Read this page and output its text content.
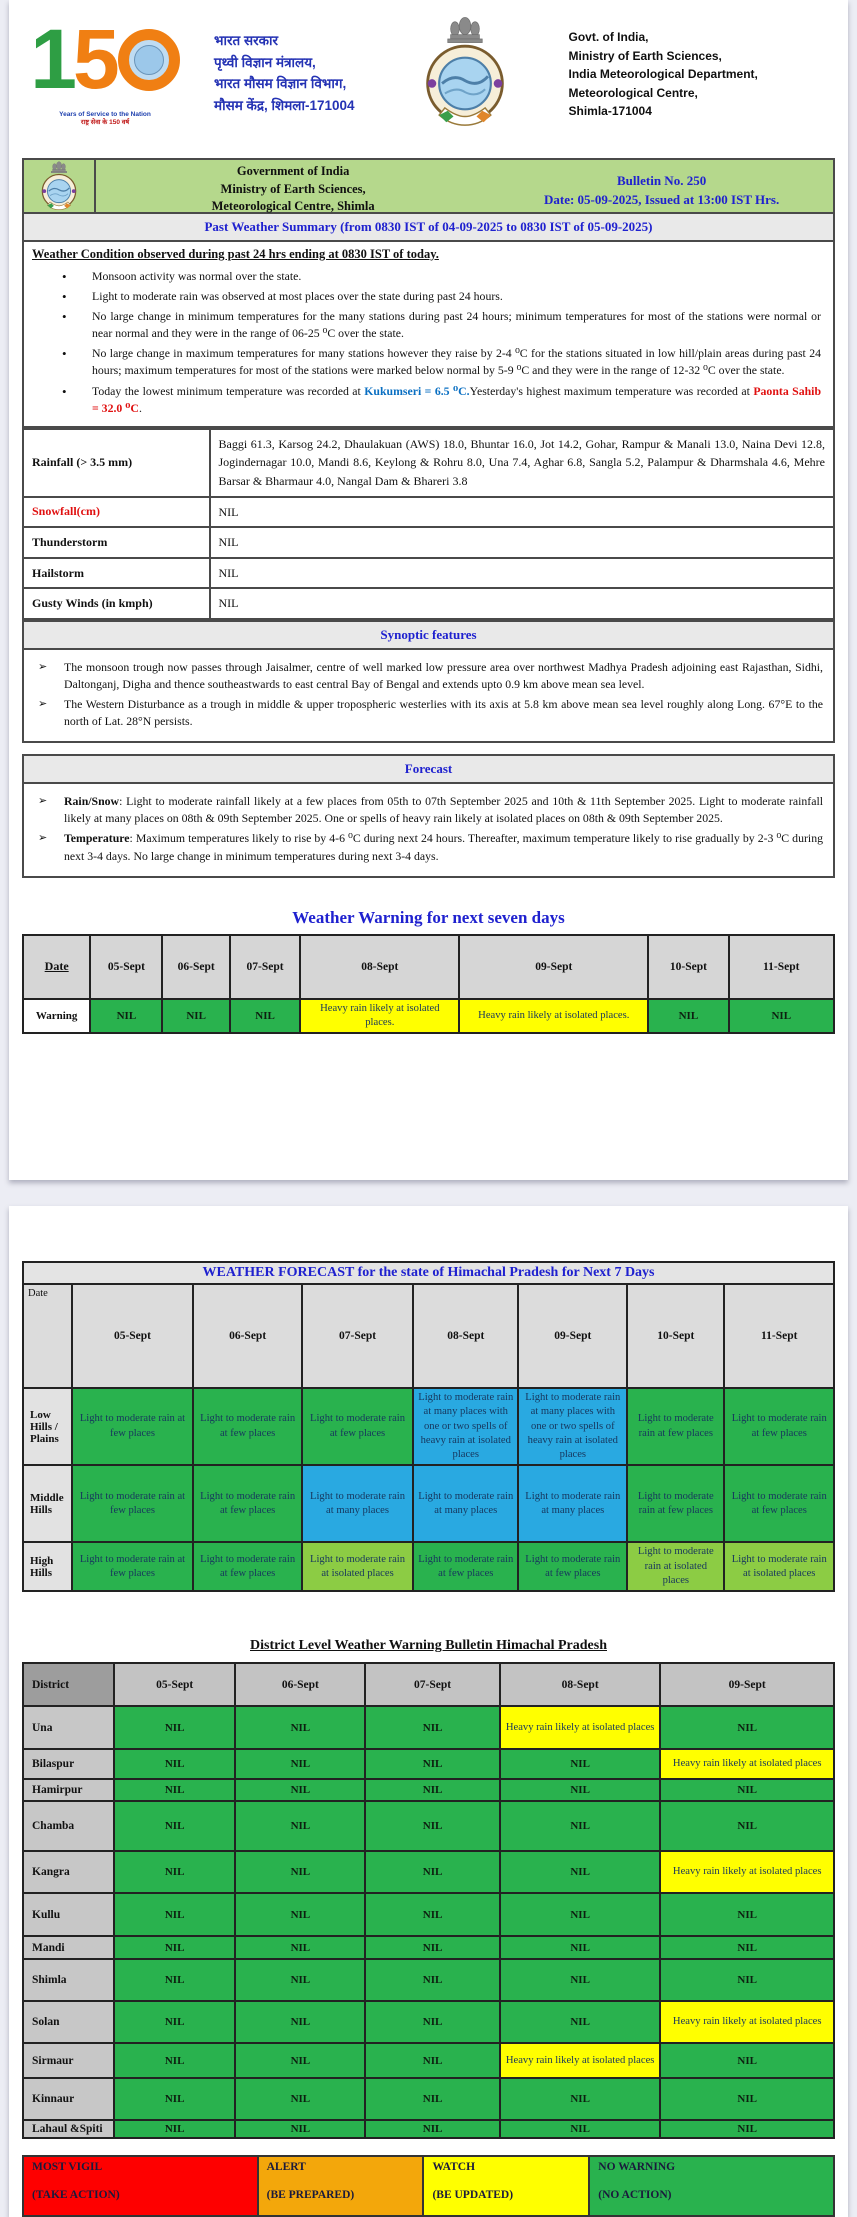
1 5
Years of Service to the Nation
राष्ट्र सेवा के 150 वर्ष
भारत सरकार
पृथ्वी विज्ञान मंत्रालय,
भारत मौसम विज्ञान विभाग,
मौसम केंद्र, शिमला-171004
Govt. of India,
Ministry of Earth Sciences,
India Meteorological Department,
Meteorological Centre,
Shimla-171004
Government of India
Ministry of Earth Sciences,
Meteorological Centre, Shimla
Bulletin No. 250
Date: 05-09-2025, Issued at 13:00 IST Hrs.
Past Weather Summary (from 0830 IST of 04-09-2025 to 0830 IST of 05-09-2025)
Weather Condition observed during past 24 hrs ending at 0830 IST of today.
• Monsoon activity was normal over the state.
• Light to moderate rain was observed at most places over the state during past 24 hours.
• No large change in minimum temperatures for the many stations during past 24 hours; minimum temperatures for most of the stations were normal or near normal and they were in the range of 06-25 ⁰C over the state.
• No large change in maximum temperatures for many stations however they raise by 2-4 ⁰C for the stations situated in low hill/plain areas during past 24 hours; maximum temperatures for most of the stations were marked below normal by 5-9 ⁰C and they were in the range of 12-32 ⁰C over the state.
• Today the lowest minimum temperature was recorded at Kukumseri = 6.5 ⁰C.Yesterday's highest maximum temperature was recorded at Paonta Sahib = 32.0 ⁰C.
Rainfall (> 3.5 mm)	Baggi 61.3, Karsog 24.2, Dhaulakuan (AWS) 18.0, Bhuntar 16.0, Jot 14.2, Gohar, Rampur & Manali 13.0, Naina Devi 12.8, Jogindernagar 10.0, Mandi 8.6, Keylong & Rohru 8.0, Una 7.4, Aghar 6.8, Sangla 5.2, Palampur & Dharmshala 4.6, Mehre Barsar & Bharmaur 4.0, Nangal Dam & Bhareri 3.8
Snowfall(cm)	NIL
Thunderstorm	NIL
Hailstorm	NIL
Gusty Winds (in kmph)	NIL
Synoptic features
➢	The monsoon trough now passes through Jaisalmer, centre of well marked low pressure area over northwest Madhya Pradesh adjoining east Rajasthan, Sidhi, Daltonganj, Digha and thence southeastwards to east central Bay of Bengal and extends upto 0.9 km above mean sea level.
➢	The Western Disturbance as a trough in middle & upper tropospheric westerlies with its axis at 5.8 km above mean sea level roughly along Long. 67°E to the north of Lat. 28°N persists.
Forecast
➢	Rain/Snow: Light to moderate rainfall likely at a few places from 05th to 07th September 2025 and 10th & 11th September 2025. Light to moderate rainfall likely at many places on 08th & 09th September 2025. One or spells of heavy rain likely at isolated places on 08th & 09th September 2025.
➢	Temperature: Maximum temperatures likely to rise by 4-6 ⁰C during next 24 hours. Thereafter, maximum temperature likely to rise gradually by 2-3 ⁰C during next 3-4 days. No large change in minimum temperatures during next 3-4 days.
Weather Warning for next seven days
Date	05-Sept	06-Sept	07-Sept	08-Sept	09-Sept	10-Sept	11-Sept
Warning	NIL	NIL	NIL	Heavy rain likely at isolated places.	Heavy rain likely at isolated places.	NIL	NIL
WEATHER FORECAST for the state of Himachal Pradesh for Next 7 Days							
Date	05-Sept	06-Sept	07-Sept	08-Sept	09-Sept	10-Sept	11-Sept
Low Hills / Plains	Light to moderate rain at few places	Light to moderate rain at few places	Light to moderate rain at few places	Light to moderate rain at many places with one or two spells of heavy rain at isolated places	Light to moderate rain at many places with one or two spells of heavy rain at isolated places	Light to moderate rain at few places	Light to moderate rain at few places
Middle Hills	Light to moderate rain at few places	Light to moderate rain at few places	Light to moderate rain at many places	Light to moderate rain at many places	Light to moderate rain at many places	Light to moderate rain at few places	Light to moderate rain at few places
High Hills	Light to moderate rain at few places	Light to moderate rain at few places	Light to moderate rain at isolated places	Light to moderate rain at few places	Light to moderate rain at few places	Light to moderate rain at isolated places	Light to moderate rain at isolated places
District Level Weather Warning Bulletin Himachal Pradesh
District	05-Sept	06-Sept	07-Sept	08-Sept	09-Sept
Una	NIL	NIL	NIL	Heavy rain likely at isolated places	NIL
Bilaspur	NIL	NIL	NIL	NIL	Heavy rain likely at isolated places
Hamirpur	NIL	NIL	NIL	NIL	NIL
Chamba	NIL	NIL	NIL	NIL	NIL
Kangra	NIL	NIL	NIL	NIL	Heavy rain likely at isolated places
Kullu	NIL	NIL	NIL	NIL	NIL
Mandi	NIL	NIL	NIL	NIL	NIL
Shimla	NIL	NIL	NIL	NIL	NIL
Solan	NIL	NIL	NIL	NIL	Heavy rain likely at isolated places
Sirmaur	NIL	NIL	NIL	Heavy rain likely at isolated places	NIL
Kinnaur	NIL	NIL	NIL	NIL	NIL
Lahaul &Spiti	NIL	NIL	NIL	NIL	NIL
MOST VIGIL
(TAKE ACTION)
ALERT
(BE PREPARED)
WATCH
(BE UPDATED)
NO WARNING
(NO ACTION)
